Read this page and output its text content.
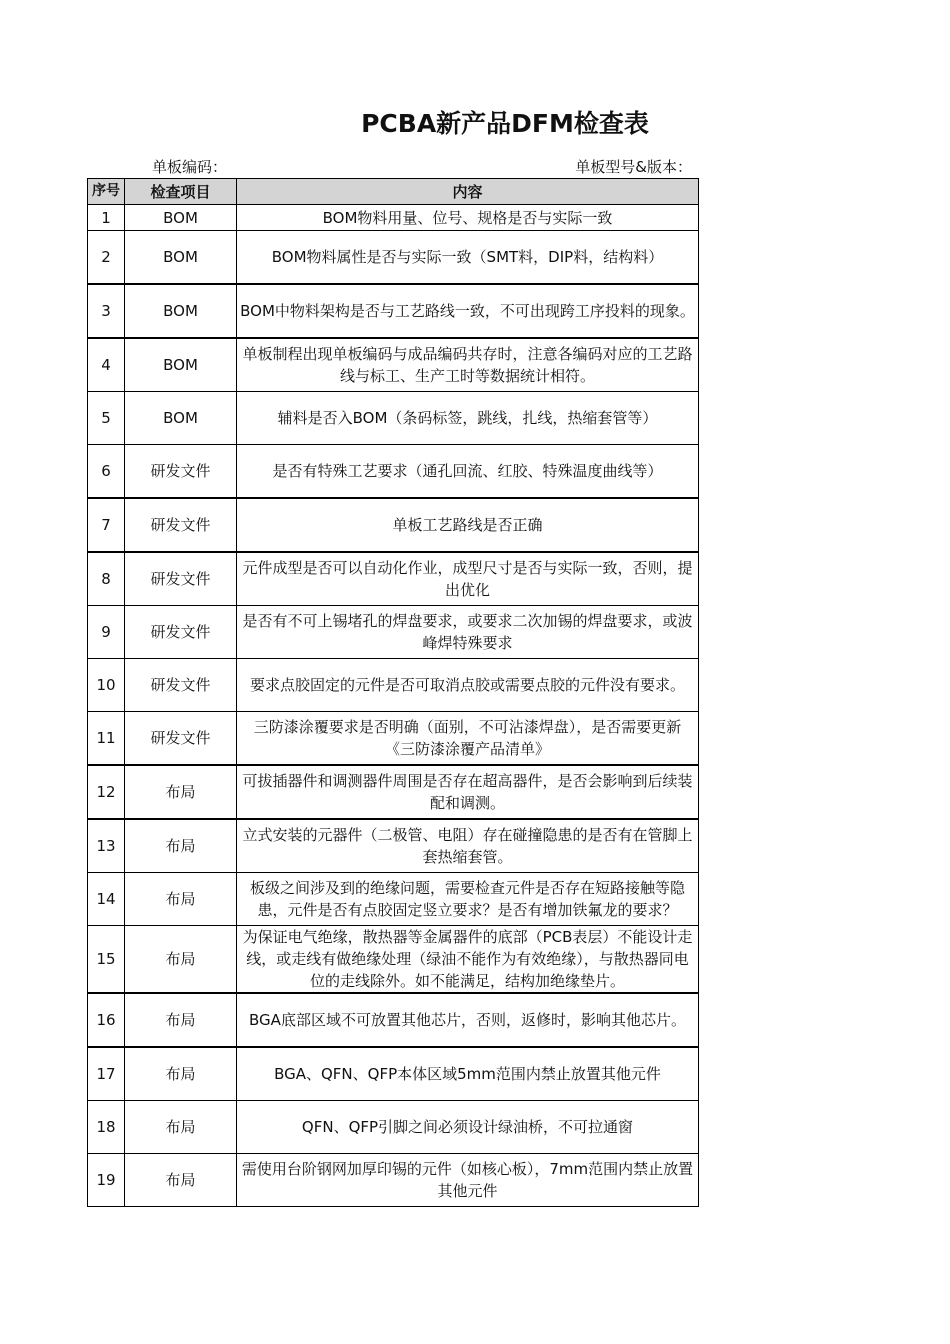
PCBA新产品DFM检查表
单板编码：	单板型号&版本：
序号	检查项目	内容
1	BOM	BOM物料用量、位号、规格是否与实际一致
2	BOM	BOM物料属性是否与实际一致（SMT料，DIP料，结构料）
3	BOM	BOM中物料架构是否与工艺路线一致，不可出现跨工序投料的现象。
4	BOM	单板制程出现单板编码与成品编码共存时，注意各编码对应的工艺路线与标工、生产工时等数据统计相符。
5	BOM	辅料是否入BOM（条码标签，跳线，扎线，热缩套管等）
6	研发文件	是否有特殊工艺要求（通孔回流、红胶、特殊温度曲线等）
7	研发文件	单板工艺路线是否正确
8	研发文件	元件成型是否可以自动化作业，成型尺寸是否与实际一致，否则，提出优化
9	研发文件	是否有不可上锡堵孔的焊盘要求，或要求二次加锡的焊盘要求，或波峰焊特殊要求
10	研发文件	要求点胶固定的元件是否可取消点胶或需要点胶的元件没有要求。
11	研发文件	三防漆涂覆要求是否明确（面别，不可沾漆焊盘），是否需要更新《三防漆涂覆产品清单》
12	布局	可拔插器件和调测器件周围是否存在超高器件，是否会影响到后续装配和调测。
13	布局	立式安装的元器件（二极管、电阻）存在碰撞隐患的是否有在管脚上套热缩套管。
14	布局	板级之间涉及到的绝缘问题，需要检查元件是否存在短路接触等隐患，元件是否有点胶固定竖立要求？是否有增加铁氟龙的要求？
15	布局	为保证电气绝缘，散热器等金属器件的底部（PCB表层）不能设计走线，或走线有做绝缘处理（绿油不能作为有效绝缘），与散热器同电位的走线除外。如不能满足，结构加绝缘垫片。
16	布局	BGA底部区域不可放置其他芯片，否则，返修时，影响其他芯片。
17	布局	BGA、QFN、QFP本体区域5mm范围内禁止放置其他元件
18	布局	QFN、QFP引脚之间必须设计绿油桥，不可拉通窗
19	布局	需使用台阶钢网加厚印锡的元件（如核心板），7mm范围内禁止放置其他元件
